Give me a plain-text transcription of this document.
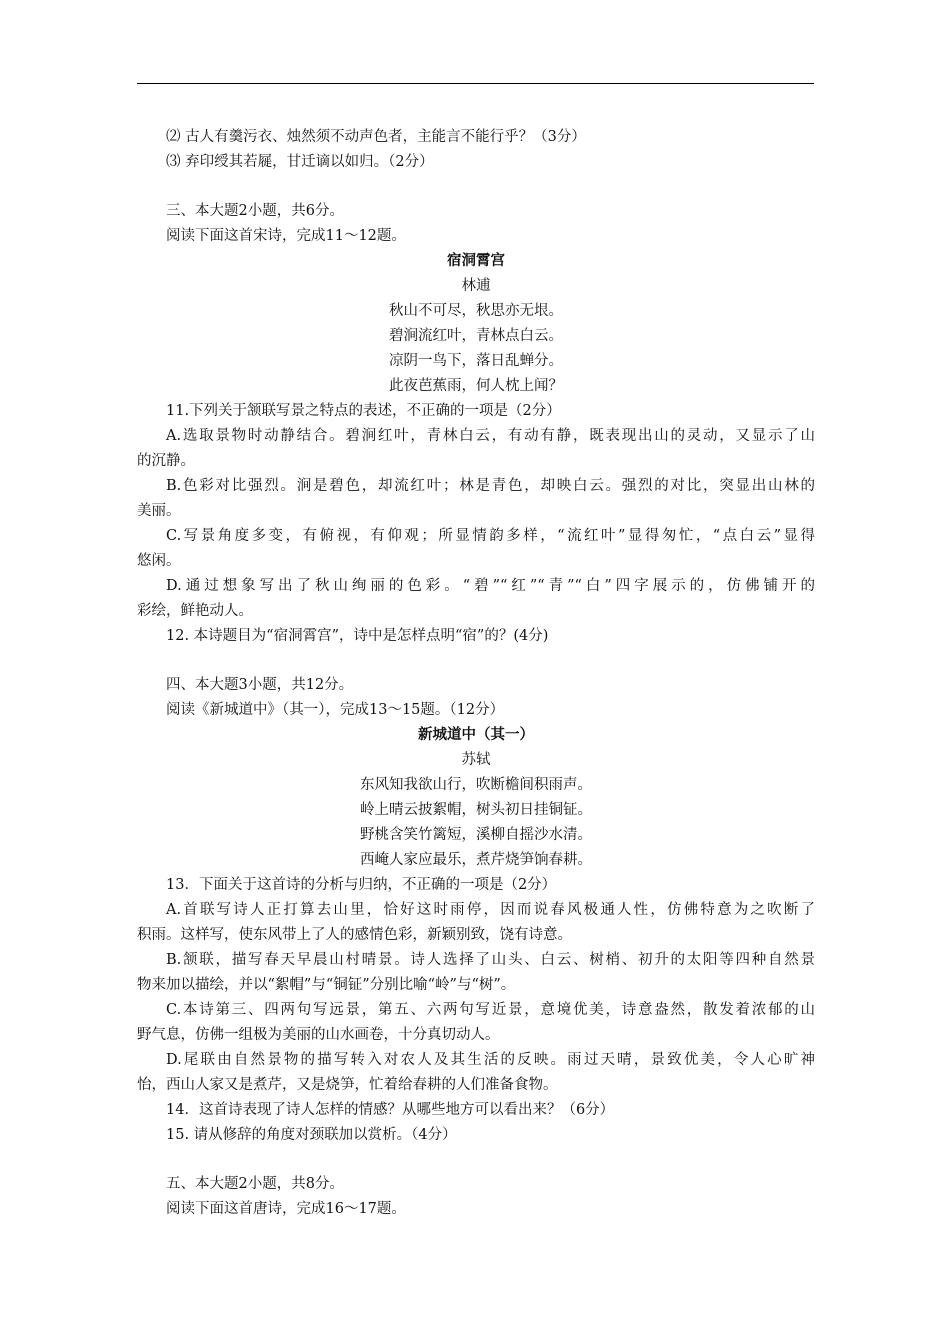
⑵ 古人有羹污衣、烛然须不动声色者，主能言不能行乎？（3分）
⑶ 弃印绶其若屣，甘迁谪以如归。（2分）
三、本大题2小题，共6分。
阅读下面这首宋诗，完成11～12题。
宿洞霄宫
林逋
秋山不可尽，秋思亦无垠。
碧涧流红叶，青林点白云。
凉阴一鸟下，落日乱蝉分。
此夜芭蕉雨，何人枕上闻？
11.下列关于颔联写景之特点的表述，不正确的一项是（2分）
A.选取景物时动静结合。碧涧红叶，青林白云，有动有静，既表现出山的灵动，又显示了山
的沉静。
B.色彩对比强烈。涧是碧色，却流红叶；林是青色，却映白云。强烈的对比，突显出山林的
美丽。
C.写景角度多变，有俯视，有仰观；所显情韵多样，“流红叶”显得匆忙，“点白云”显得
悠闲。
D.通过想象写出了秋山绚丽的色彩。“碧”“红”“青”“白”四字展示的，仿佛铺开的
彩绘，鲜艳动人。
12. 本诗题目为“宿洞霄宫”，诗中是怎样点明“宿”的？(4分)
四、本大题3小题，共12分。
阅读《新城道中》（其一），完成13～15题。（12分）
新城道中（其一）
苏轼
东风知我欲山行，吹断檐间积雨声。
岭上晴云披絮帽，树头初日挂铜钲。
野桃含笑竹篱短，溪柳自摇沙水清。
西崦人家应最乐，煮芹烧笋饷春耕。
13．下面关于这首诗的分析与归纳，不正确的一项是（2分）
A.首联写诗人正打算去山里，恰好这时雨停，因而说春风极通人性，仿佛特意为之吹断了
积雨。这样写，使东风带上了人的感情色彩，新颖别致，饶有诗意。
B.颔联，描写春天早晨山村晴景。诗人选择了山头、白云、树梢、初升的太阳等四种自然景
物来加以描绘，并以“絮帽”与“铜钲”分别比喻“岭”与“树”。
C.本诗第三、四两句写远景，第五、六两句写近景，意境优美，诗意盎然，散发着浓郁的山
野气息，仿佛一组极为美丽的山水画卷，十分真切动人。
D.尾联由自然景物的描写转入对农人及其生活的反映。雨过天晴，景致优美，令人心旷神
怡，西山人家又是煮芹，又是烧笋，忙着给春耕的人们准备食物。
14．这首诗表现了诗人怎样的情感？从哪些地方可以看出来？（6分）
15. 请从修辞的角度对颈联加以赏析。（4分）
五、本大题2小题，共8分。
阅读下面这首唐诗，完成16～17题。
